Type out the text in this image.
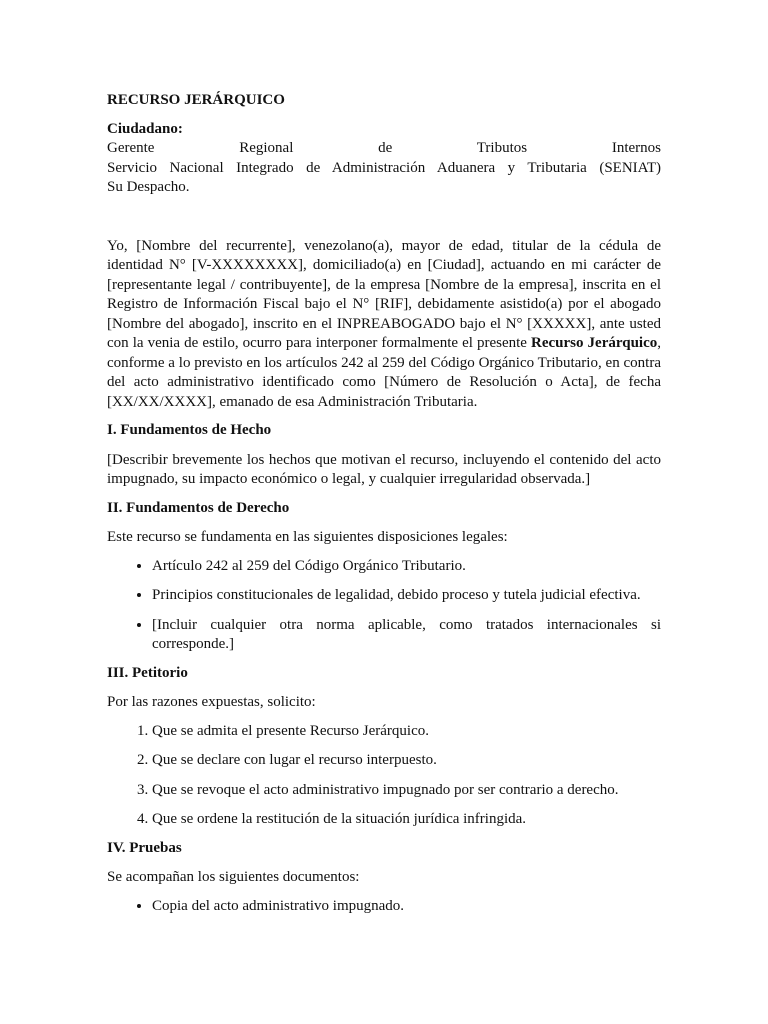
RECURSO JERÁRQUICO
Ciudadano:
Gerente Regional de Tributos Internos
Servicio Nacional Integrado de Administración Aduanera y Tributaria (SENIAT)
Su Despacho.

Yo, [Nombre del recurrente], venezolano(a), mayor de edad, titular de la cédula de identidad N° [V-XXXXXXXX], domiciliado(a) en [Ciudad], actuando en mi carácter de [representante legal / contribuyente], de la empresa [Nombre de la empresa], inscrita en el Registro de Información Fiscal bajo el N° [RIF], debidamente asistido(a) por el abogado [Nombre del abogado], inscrito en el INPREABOGADO bajo el N° [XXXXX], ante usted con la venia de estilo, ocurro para interponer formalmente el presente Recurso Jerárquico, conforme a lo previsto en los artículos 242 al 259 del Código Orgánico Tributario, en contra del acto administrativo identificado como [Número de Resolución o Acta], de fecha [XX/XX/XXXX], emanado de esa Administración Tributaria.

I. Fundamentos de Hecho

[Describir brevemente los hechos que motivan el recurso, incluyendo el contenido del acto impugnado, su impacto económico o legal, y cualquier irregularidad observada.]

II. Fundamentos de Derecho

Este recurso se fundamenta en las siguientes disposiciones legales:

• Artículo 242 al 259 del Código Orgánico Tributario.
• Principios constitucionales de legalidad, debido proceso y tutela judicial efectiva.
• [Incluir cualquier otra norma aplicable, como tratados internacionales si corresponde.]
III. Petitorio

Por las razones expuestas, solicito:

1. Que se admita el presente Recurso Jerárquico.
2. Que se declare con lugar el recurso interpuesto.
3. Que se revoque el acto administrativo impugnado por ser contrario a derecho.
4. Que se ordene la restitución de la situación jurídica infringida.
IV. Pruebas

Se acompañan los siguientes documentos:

• Copia del acto administrativo impugnado.
